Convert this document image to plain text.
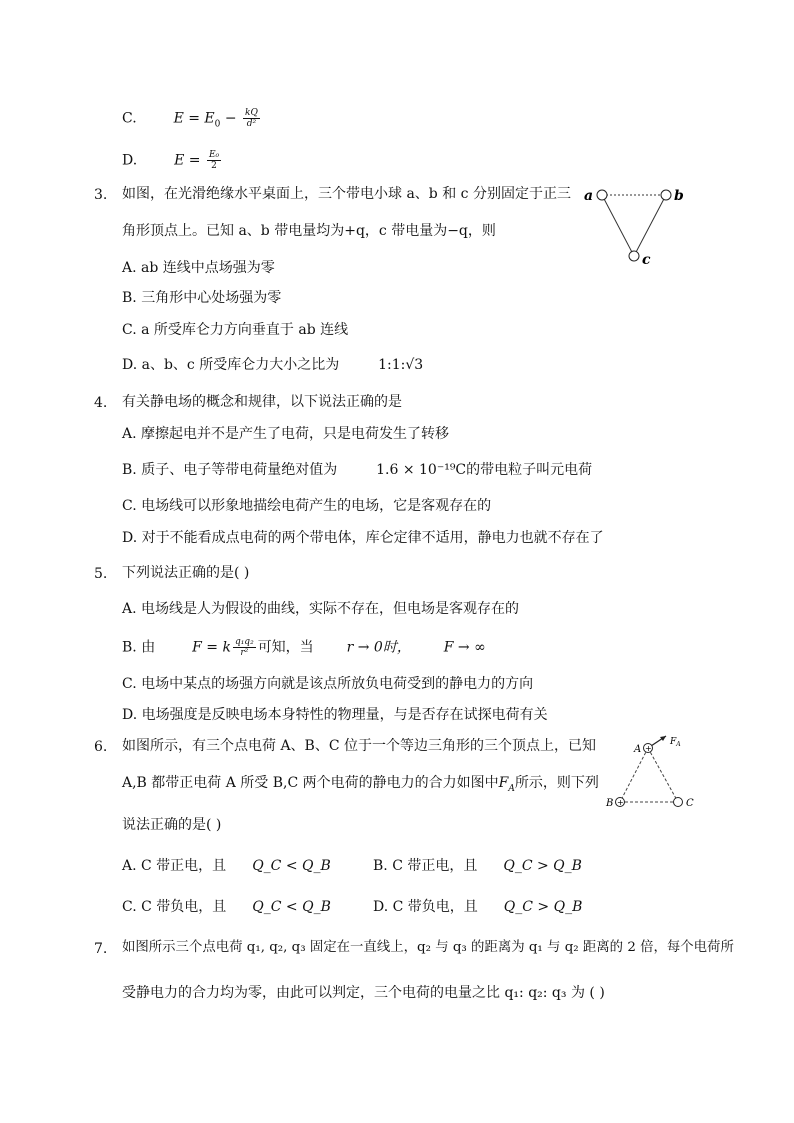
C.	$E = E_0 - \frac{kQ}{\text{d²}}$
D.	$E = \frac{\text{E₀}}{2}$
3. 如图，在光滑绝缘水平桌面上，三个带电小球 a、b 和 c 分别固定于正三
角形顶点上。已知 a、b 带电量均为+q，c 带电量为−q，则
A. ab 连线中点场强为零
B. 三角形中心处场强为零
C. a 所受库仑力方向垂直于 ab 连线
D. a、b、c 所受库仑力大小之比为	1:1:√3
a	b
c
4. 有关静电场的概念和规律，以下说法正确的是
A. 摩擦起电并不是产生了电荷，只是电荷发生了转移
B. 质子、电子等带电荷量绝对值为	1.6 × 10⁻¹⁹C的带电粒子叫元电荷
C. 电场线可以形象地描绘电荷产生的电场，它是客观存在的
D. 对于不能看成点电荷的两个带电体，库仑定律不适用，静电力也就不存在了
5. 下列说法正确的是( )
A. 电场线是人为假设的曲线，实际不存在，但电场是客观存在的
B. 由	F = k $\frac{\text{q₁q₂}}{\text{r²}}$ 可知，当 r → 0时， F → ∞
C. 电场中某点的场强方向就是该点所放负电荷受到的静电力的方向
D. 电场强度是反映电场本身特性的物理量，与是否存在试探电荷有关
6. 如图所示，有三个点电荷 A、B、C 位于一个等边三角形的三个顶点上，已知
A,B 都带正电荷 A 所受 B,C 两个电荷的静电力的合力如图中$F_A$所示，则下列
说法正确的是( )
A. C 带正电，且 Q_C < Q_B	B. C 带正电，且 Q_C > Q_B
C. C 带负电，且 Q_C < Q_B	D. C 带负电，且 Q_C > Q_B
+
+
A
B	C
$F_A$
7. 如图所示三个点电荷 q₁, q₂, q₃ 固定在一直线上，q₂ 与 q₃ 的距离为 q₁ 与 q₂ 距离的 2 倍，每个电荷所
受静电力的合力均为零，由此可以判定，三个电荷的电量之比 q₁: q₂: q₃ 为 ( )
